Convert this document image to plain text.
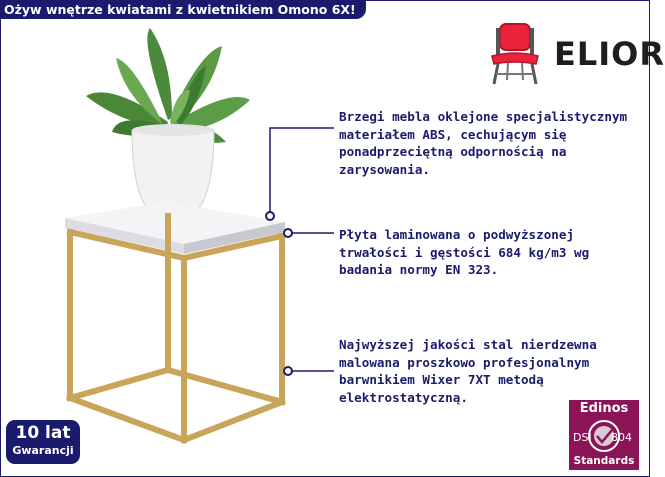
Ożyw wnętrze kwiatami z kwietnikiem Omono 6X!
ELIOR
Brzegi mebla oklejone specjalistycznym
materiałem ABS, cechującym się
ponadprzeciętną odpornością na
zarysowania.
Płyta laminowana o podwyższonej
trwałości i gęstości 684 kg/m3 wg
badania normy EN 323.
Najwyższej jakości stal nierdzewna
malowana proszkowo profesjonalnym
barwnikiem Wixer 7XT metodą
elektrostatyczną.
10 lat
Gwarancji
Edinos
DSI 804
Standards
